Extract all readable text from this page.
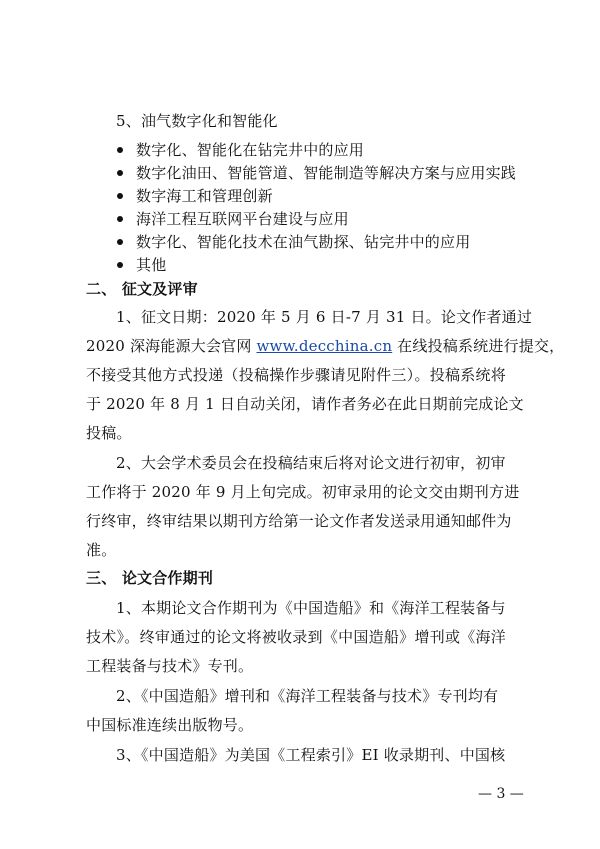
5、油气数字化和智能化
数字化、智能化在钻完井中的应用
数字化油田、智能管道、智能制造等解决方案与应用实践
数字海工和管理创新
海洋工程互联网平台建设与应用
数字化、智能化技术在油气勘探、钻完井中的应用
其他
二、 征文及评审
1、征文日期：2020 年 5 月 6 日-7 月 31 日。论文作者通过
2020 深海能源大会官网 www.decchina.cn 在线投稿系统进行提交，
不接受其他方式投递（投稿操作步骤请见附件三）。投稿系统将
于 2020 年 8 月 1 日自动关闭，请作者务必在此日期前完成论文
投稿。
2、大会学术委员会在投稿结束后将对论文进行初审，初审
工作将于 2020 年 9 月上旬完成。初审录用的论文交由期刊方进
行终审，终审结果以期刊方给第一论文作者发送录用通知邮件为
准。
三、 论文合作期刊
1、本期论文合作期刊为《中国造船》和《海洋工程装备与
技术》。终审通过的论文将被收录到《中国造船》增刊或《海洋
工程装备与技术》专刊。
2、《中国造船》增刊和《海洋工程装备与技术》专刊均有
中国标准连续出版物号。
3、《中国造船》为美国《工程索引》EI 收录期刊、中国核
— 3 —
